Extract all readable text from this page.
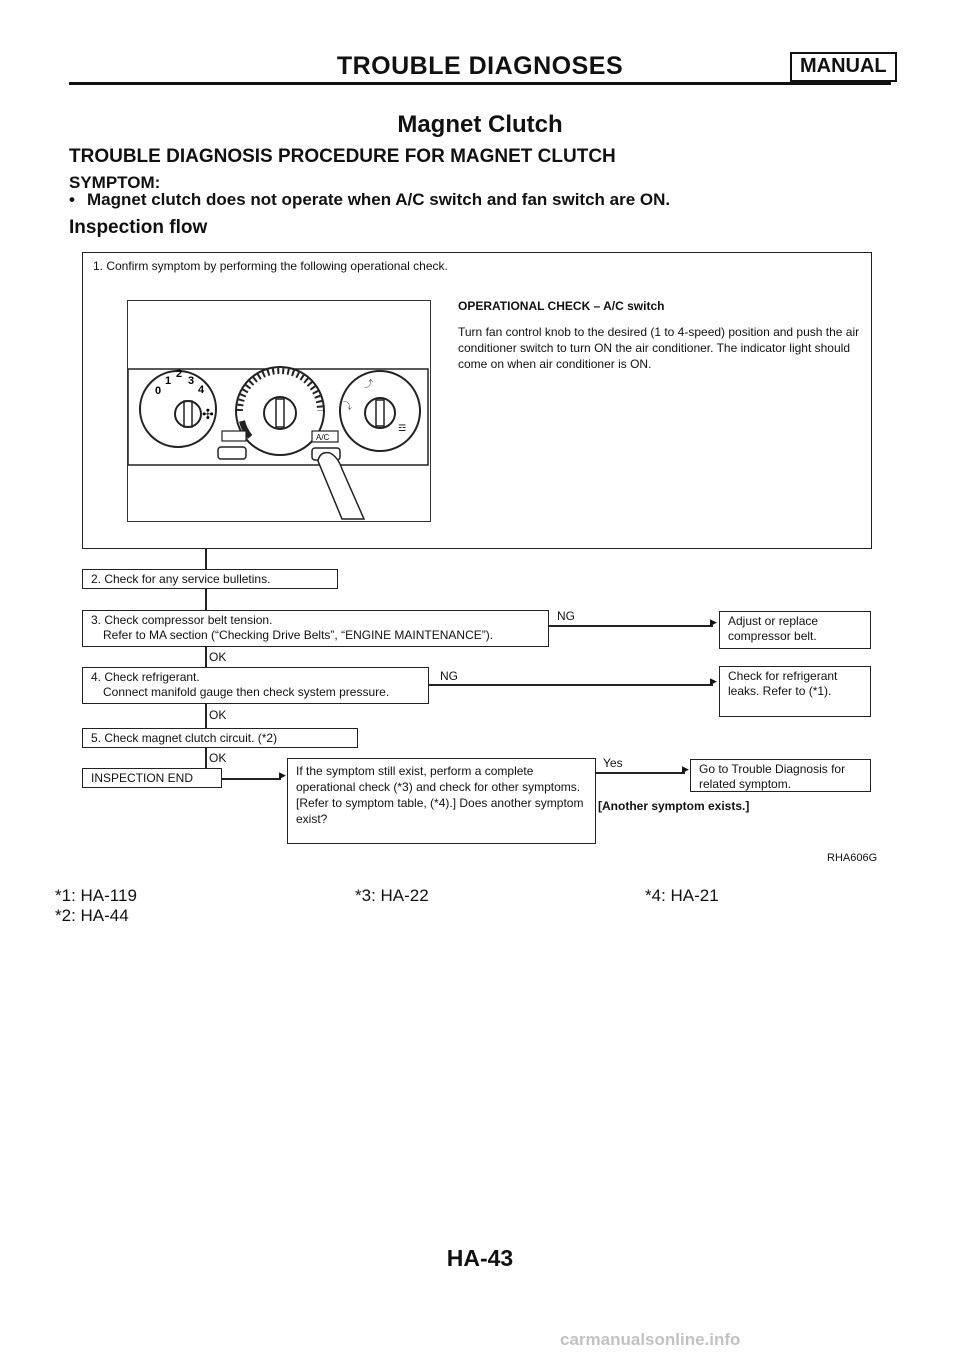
TROUBLE DIAGNOSES	MANUAL
Magnet Clutch
TROUBLE DIAGNOSIS PROCEDURE FOR MAGNET CLUTCH
SYMPTOM:
• Magnet clutch does not operate when A/C switch and fan switch are ON.
Inspection flow
1. Confirm symptom by performing the following operational check.
0
1
2
3
4
✣
⤴
⤵
☲
A/C
OPERATIONAL CHECK – A/C switch
Turn fan control knob to the desired (1 to 4-speed) position and push the air conditioner switch to turn ON the air conditioner. The indicator light should come on when air conditioner is ON.
2. Check for any service bulletins.
3. Check compressor belt tension.
Refer to MA section (“Checking Drive Belts”, “ENGINE MAINTENANCE”).
NG	▶ Adjust or replace compressor belt.
OK
4. Check refrigerant.
Connect manifold gauge then check system pressure.
NG	▶ Check for refrigerant leaks. Refer to (*1).
OK
5. Check magnet clutch circuit. (*2)
OK
INSPECTION END	▶ If the symptom still exist, perform a complete operational check (*3) and check for other symptoms. [Refer to symptom table, (*4).] Does another symptom exist?
Yes	▶ Go to Trouble Diagnosis for related symptom.
[Another symptom exists.]
RHA606G
*1: HA-119
*2: HA-44
*3: HA-22	*4: HA-21
HA-43
carmanualsonline.info
